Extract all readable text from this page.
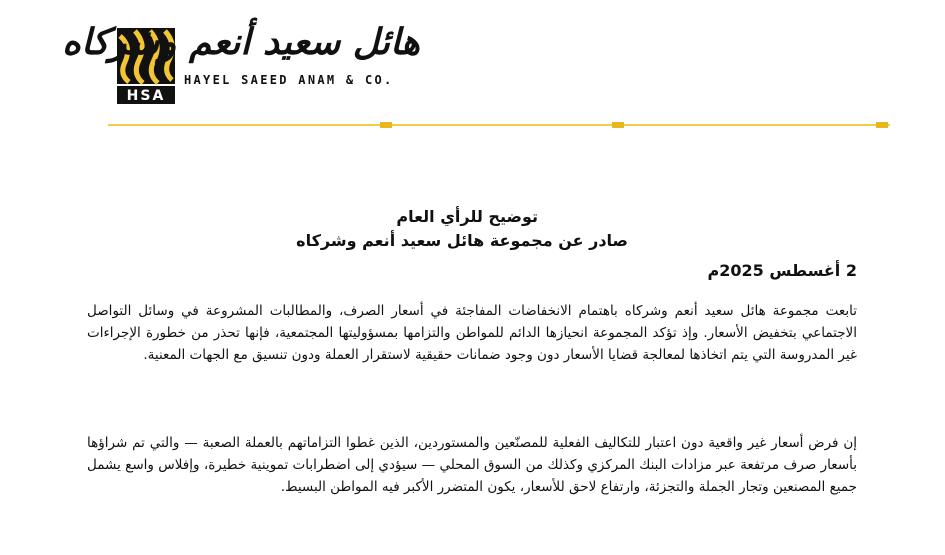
HSA
هائل سعيد أنعم وشركاه
HAYEL SAEED ANAM & CO.
توضيح للرأي العام
صادر عن مجموعة هائل سعيد أنعم وشركاه
2 أغسطس 2025م
تابعت مجموعة هائل سعيد أنعم وشركاه باهتمام الانخفاضات المفاجئة في أسعار الصرف، والمطالبات المشروعة في وسائل التواصل الاجتماعي بتخفيض الأسعار. وإذ تؤكد المجموعة انحيازها الدائم للمواطن والتزامها بمسؤوليتها المجتمعية، فإنها تحذر من خطورة الإجراءات غير المدروسة التي يتم اتخاذها لمعالجة قضايا الأسعار دون وجود ضمانات حقيقية لاستقرار العملة ودون تنسيق مع الجهات المعنية.
إن فرض أسعار غير واقعية دون اعتبار للتكاليف الفعلية للمصنّعين والمستوردين، الذين غطوا التزاماتهم بالعملة الصعبة — والتي تم شراؤها بأسعار صرف مرتفعة عبر مزادات البنك المركزي وكذلك من السوق المحلي — سيؤدي إلى اضطرابات تموينية خطيرة، وإفلاس واسع يشمل جميع المصنعين وتجار الجملة والتجزئة، وارتفاع لاحق للأسعار، يكون المتضرر الأكبر فيه المواطن البسيط.
